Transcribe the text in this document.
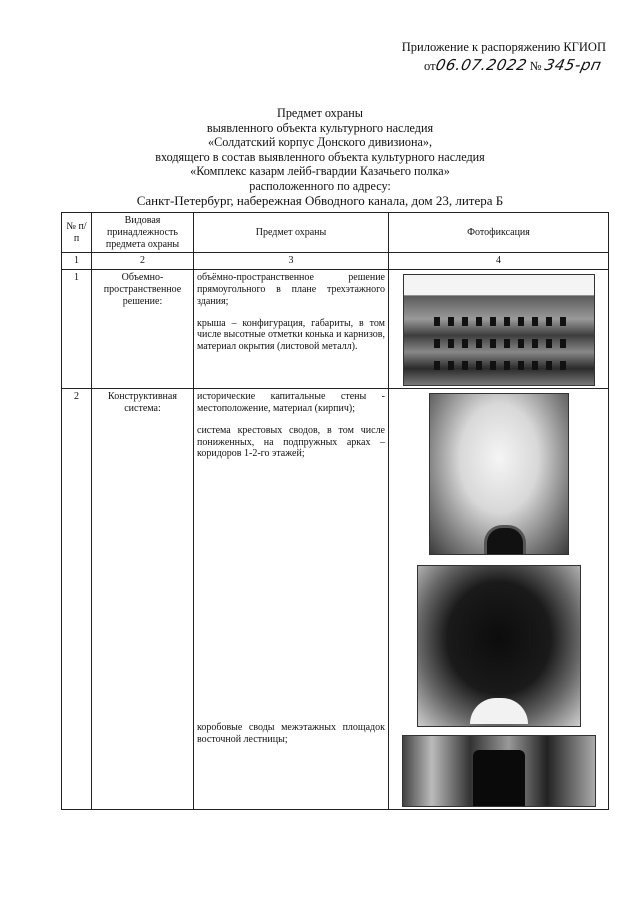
Приложение к распоряжению КГИОП
от06.07.2022 № 345-рп
Предмет охраны
выявленного объекта культурного наследия
«Солдатский корпус Донского дивизиона»,
входящего в состав выявленного объекта культурного наследия
«Комплекс казарм лейб-гвардии Казачьего полка»
расположенного по адресу:
Санкт-Петербург, набережная Обводного канала, дом 23, литера Б
№ п/п	Видовая принадлежность предмета охраны	Предмет охраны	Фотофиксация
1	2	3	4
1	Объемно-пространственное решение:	объёмно-пространственное решение прямоугольного в плане трехэтажного здания;
крыша – конфигурация, габариты, в том числе высотные отметки конька и карнизов, материал окрытия (листовой металл).	

2	Конструктивная система:	исторические капитальные стены - местоположение, материал (кирпич);
система крестовых сводов, в том числе пониженных, на подпружных арках – коридоров 1-2-го этажей;
коробовые своды межэтажных площадок восточной лестницы;	
